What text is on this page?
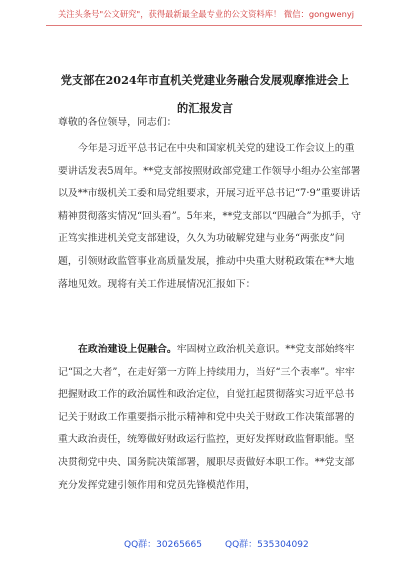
关注头条号"公文研究"，获得最新最全最专业的公文资料库！ 微信：gongwenyj
党支部在2024年市直机关党建业务融合发展观摩推进会上
的汇报发言
尊敬的各位领导，同志们：
今年是习近平总书记在中央和国家机关党的建设工作会议上的重要讲话发表5周年。**党支部按照财政部党建工作领导小组办公室部署以及**市级机关工委和局党组要求，开展习近平总书记“7·9”重要讲话精神贯彻落实情况“回头看”。5年来，**党支部以“四融合”为抓手，守正笃实推进机关党支部建设，久久为功破解党建与业务“两张皮”问题，引领财政监管事业高质量发展，推动中央重大财税政策在**大地落地见效。现将有关工作进展情况汇报如下：
在政治建设上促融合。牢固树立政治机关意识。**党支部始终牢记“国之大者”，在走好第一方阵上持续用力，当好“三个表率”。牢牢把握财政工作的政治属性和政治定位，自觉扛起贯彻落实习近平总书记关于财政工作重要指示批示精神和党中央关于财政工作决策部署的重大政治责任，统筹做好财政运行监控，更好发挥财政监督职能。坚决贯彻党中央、国务院决策部署，履职尽责做好本职工作。**党支部充分发挥党建引领作用和党员先锋模范作用，
QQ群：30265665	QQ群：535304092
